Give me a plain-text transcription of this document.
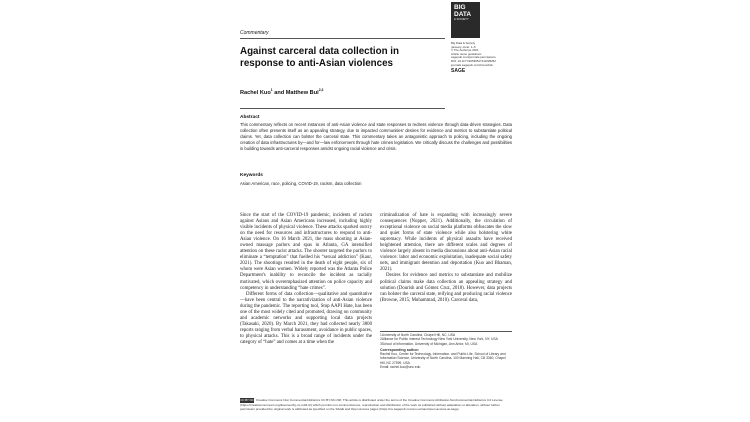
Commentary
BIG
DATA
& SOCIETY
Big Data & Society
January–June: 1–6
© The Author(s) 2021
Article reuse guidelines:
sagepub.com/journals-permissions
DOI: 10.1177/20539517211028252
journals.sagepub.com/home/bds
SAGE
Against carceral data collection in response to anti-Asian violences
Rachel Kuo$^1$ and Matthew Bui$^{2,3}$
Abstract
This commentary reflects on recent instances of anti-Asian violence and state responses to redress violence through data-driven strategies. Data collection often presents itself as an appealing strategy, due to impacted communities' desires for evidence and metrics to substantiate political claims. Yet, data collection can bolster the carceral state. This commentary takes an antagonistic approach to policing, including the ongoing creation of data infrastructures by—and for—law enforcement through hate crimes legislation. We critically discuss the challenges and possibilities in building towards anti-carceral responses amidst ongoing racial violence and crisis.
Keywords
Asian American, race, policing, COVID-19, racism, data collection

Since the start of the COVID-19 pandemic, incidents of racism against Asians and Asian Americans increased, including highly visible incidents of physical violence. These attacks sparked outcry on the need for resources and infrastructures to respond to anti-Asian violence. On 16 March 2021, the mass shooting at Asian-owned massage parlors and spas in Atlanta, GA intensified attention on these racist attacks. The shooter targeted the parlors to eliminate a “temptation” that fuelled his “sexual addiction” (Kaur, 2021). The shootings resulted in the death of eight people, six of whom were Asian women. Widely reported was the Atlanta Police Department's inability to reconcile the incident as racially motivated, which overemphasized attention on police capacity and competency in understanding “hate crimes”.

Different forms of data collection—qualitative and quantitative—have been central to the narrativization of anti-Asian violence during the pandemic. The reporting tool, Stop AAPI Hate, has been one of the most widely cited and promoted, drawing on community and academic networks and supporting local data projects (Takasaki, 2020). By March 2021, they had collected nearly 3800 reports ranging from verbal harassment, avoidance in public spaces, to physical attacks. This is a broad range of incidents under the category of “hate” and comes at a time when the

criminalization of hate is expanding with increasingly severe consequences (Nopper, 2021). Additionally, the circulation of exceptional violence on social media platforms obfuscates the slow and quiet forms of state violence while also bolstering white supremacy. While incidents of physical assaults have received heightened attention, there are different scales and degrees of violence largely absent in media discussions about anti-Asian racial violence: labor and economic exploitation, inadequate social safety nets, and immigrant detention and deportation (Kuo and Bhaman, 2021).

Desires for evidence and metrics to substantiate and mobilize political claims make data collection an appealing strategy and solution (Dourish and Gómez Cruz, 2018). However, data projects can bolster the carceral state, reifying and producing racial violence (Browne, 2015; Muhammad, 2010). Carceral data,

1University of North Carolina, Chapel Hill, NC, USA
2Alliance for Public Interest Technology New York University, New York, NY, USA
3School of Information, University of Michigan, Ann Arbor, MI, USA
Corresponding author:
Rachel Kuo, Center for Technology, Information, and Public Life, School of Library and Information Science, University of North Carolina, 100 Manning Hall, CB 3360, Chapel Hill, NC 27599, USA.
Email: rachel.kuo@unc.edu
CC BY NC Creative Commons Non Commercial-NoDerivs CC BY-NC-ND: This article is distributed under the terms of the Creative Commons Attribution-NonCommercial-NoDerivs 4.0 License (https://creativecommons.org/licenses/by-nc-nd/4.0/) which permits non-commercial use, reproduction and distribution of the work as published without adaptation or alteration, without further permission provided the original work is attributed as specified on the SAGE and Open Access pages (https://us.sagepub.com/en-us/nam/open-access-at-sage).
